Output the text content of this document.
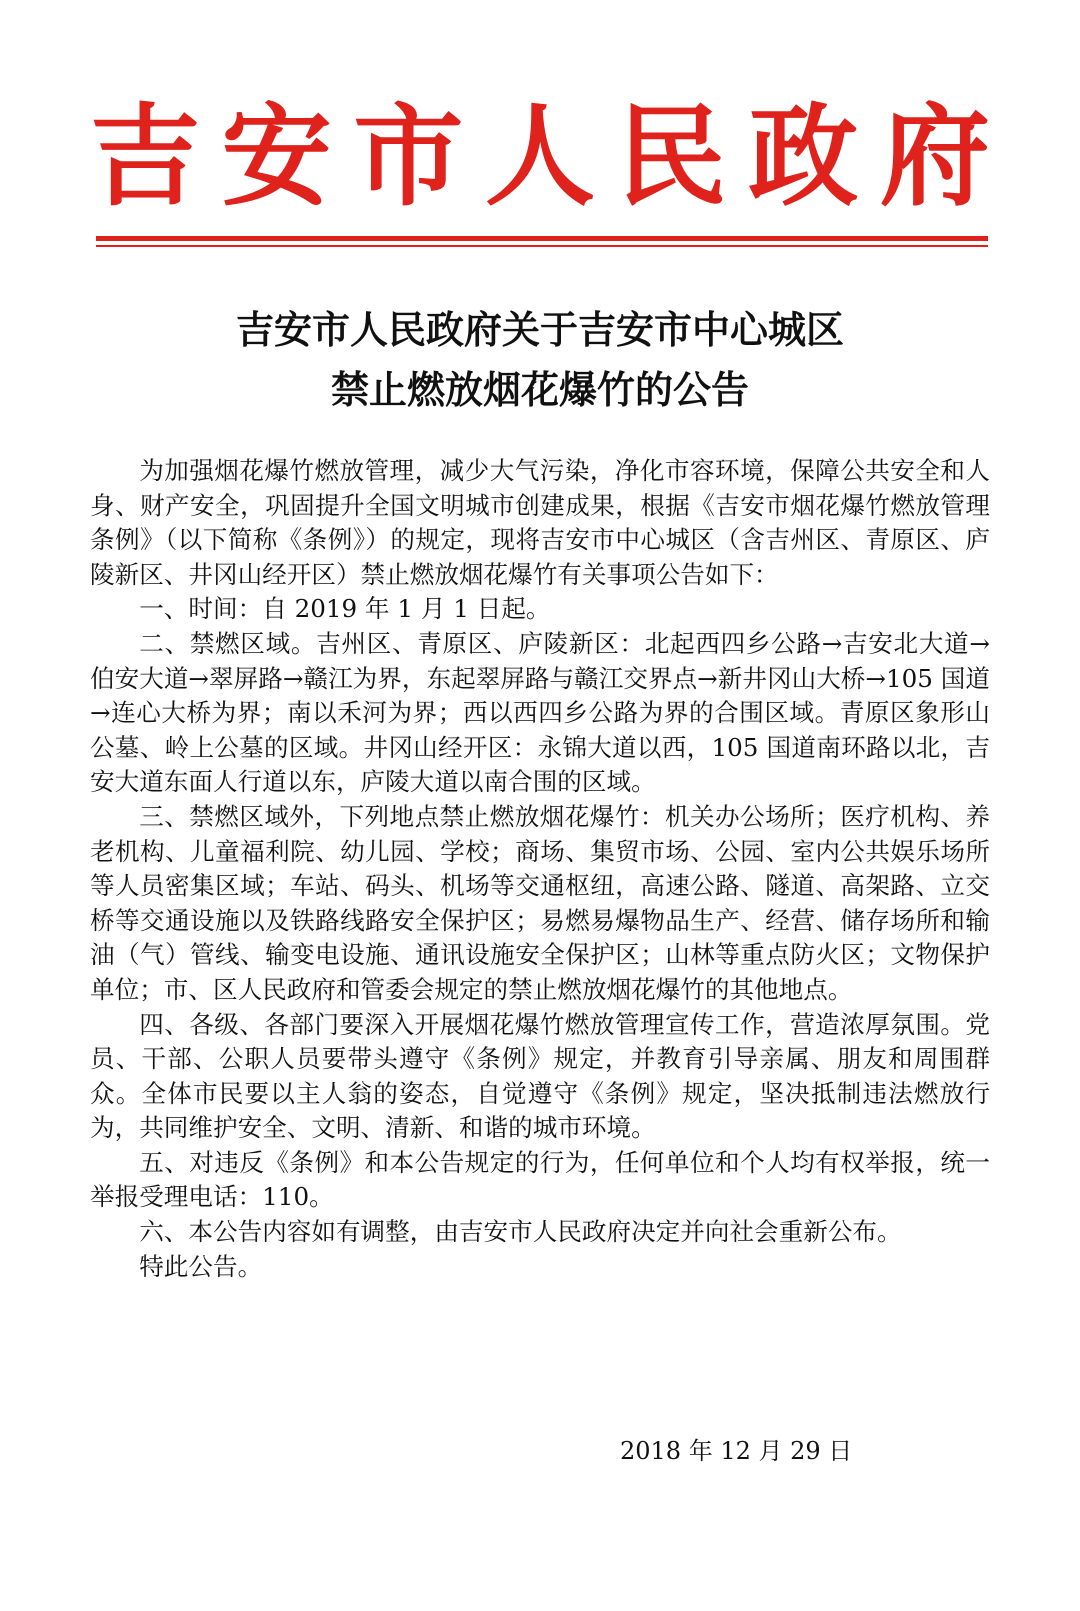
吉 安 市 人 民 政 府
吉安市人民政府关于吉安市中心城区
禁止燃放烟花爆竹的公告

为加强烟花爆竹燃放管理，减少大气污染，净化市容环境，保障公共安全和人身、财产安全，巩固提升全国文明城市创建成果，根据《吉安市烟花爆竹燃放管理条例》（以下简称《条例》）的规定，现将吉安市中心城区（含吉州区、青原区、庐陵新区、井冈山经开区）禁止燃放烟花爆竹有关事项公告如下：

一、时间：自 2019 年 1 月 1 日起。

二、禁燃区域。吉州区、青原区、庐陵新区：北起西四乡公路→吉安北大道→伯安大道→翠屏路→赣江为界，东起翠屏路与赣江交界点→新井冈山大桥→105 国道→连心大桥为界；南以禾河为界；西以西四乡公路为界的合围区域。青原区象形山公墓、岭上公墓的区域。井冈山经开区：永锦大道以西，105 国道南环路以北，吉安大道东面人行道以东，庐陵大道以南合围的区域。

三、禁燃区域外，下列地点禁止燃放烟花爆竹：机关办公场所；医疗机构、养老机构、儿童福利院、幼儿园、学校；商场、集贸市场、公园、室内公共娱乐场所等人员密集区域；车站、码头、机场等交通枢纽，高速公路、隧道、高架路、立交桥等交通设施以及铁路线路安全保护区；易燃易爆物品生产、经营、储存场所和输油（气）管线、输变电设施、通讯设施安全保护区；山林等重点防火区；文物保护单位；市、区人民政府和管委会规定的禁止燃放烟花爆竹的其他地点。

四、各级、各部门要深入开展烟花爆竹燃放管理宣传工作，营造浓厚氛围。党员、干部、公职人员要带头遵守《条例》规定，并教育引导亲属、朋友和周围群众。全体市民要以主人翁的姿态，自觉遵守《条例》规定，坚决抵制违法燃放行为，共同维护安全、文明、清新、和谐的城市环境。

五、对违反《条例》和本公告规定的行为，任何单位和个人均有权举报，统一举报受理电话：110。

六、本公告内容如有调整，由吉安市人民政府决定并向社会重新公布。

特此公告。

2018 年 12 月 29 日
